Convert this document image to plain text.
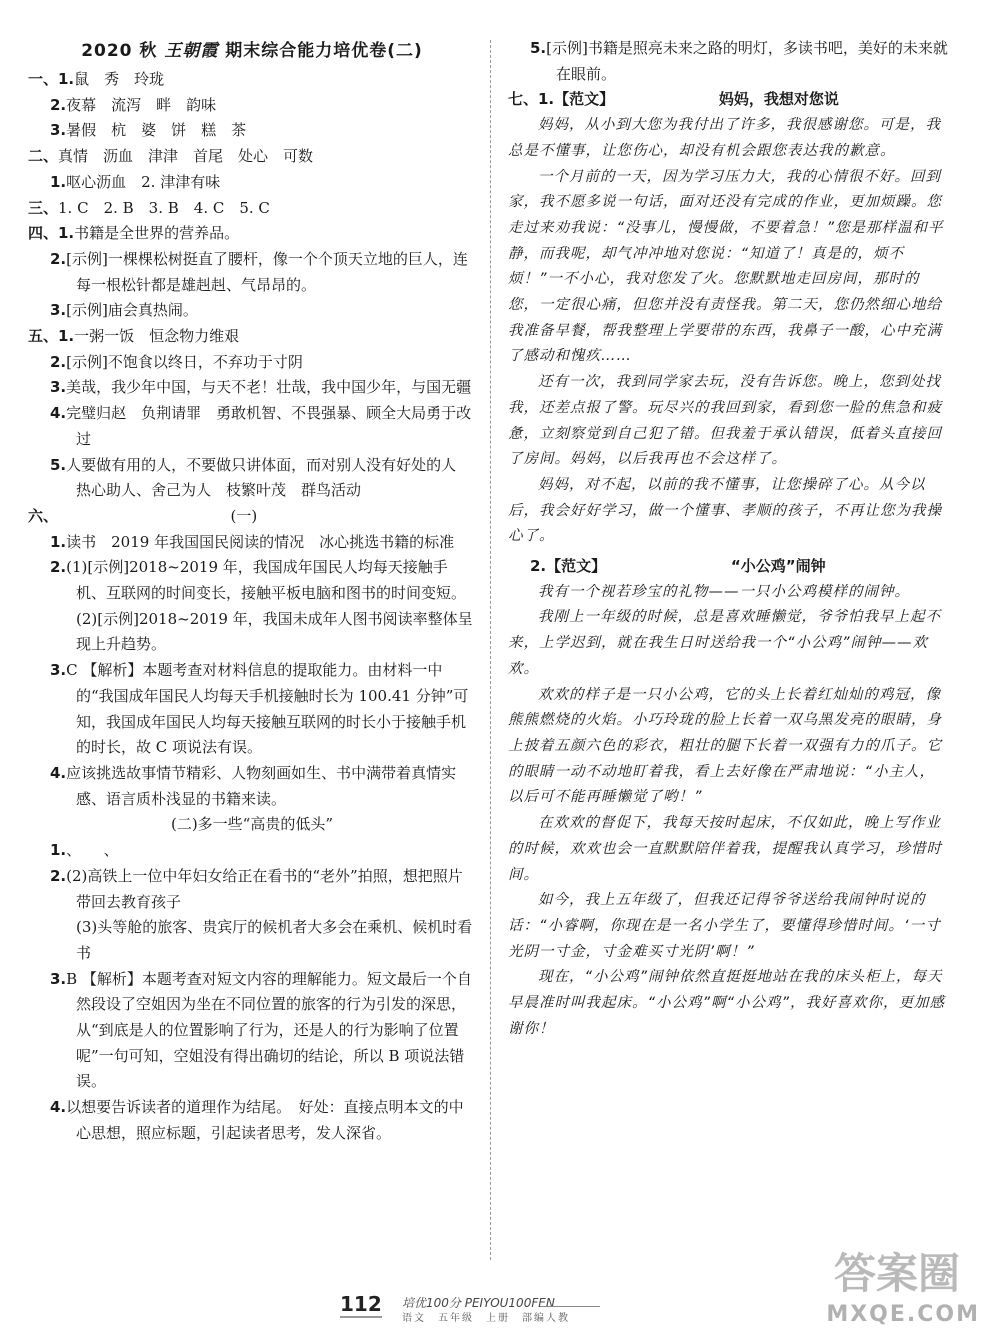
2020 秋 王朝霞 期末综合能力培优卷(二)

一、1.鼠　秀　玲珑

2.夜幕　流泻　畔　韵味

3.暑假　杭　婆　饼　糕　茶

二、真情　沥血　津津　首尾　处心　可数

1.呕心沥血　2. 津津有味

三、1. C　2. B　3. B　4. C　5. C

四、1.书籍是全世界的营养品。

2.[示例]一棵棵松树挺直了腰杆，像一个个顶天立地的巨人，连每一根松针都是雄赳赳、气昂昂的。

3.[示例]庙会真热闹。

五、1.一粥一饭　恒念物力维艰

2.[示例]不饱食以终日，不弃功于寸阴

3.美哉，我少年中国，与天不老！壮哉，我中国少年，与国无疆

4.完璧归赵　负荆请罪　勇敢机智、不畏强暴、顾全大局勇于改过

5.人要做有用的人，不要做只讲体面，而对别人没有好处的人　热心助人、舍己为人　枝繁叶茂　群鸟活动

六、　　　　　　　　　　　　(一)

1.读书　2019 年我国国民阅读的情况　冰心挑选书籍的标准

2.(1)[示例]2018~2019 年，我国成年国民人均每天接触手机、互联网的时间变长，接触平板电脑和图书的时间变短。

(2)[示例]2018~2019 年，我国未成年人图书阅读率整体呈现上升趋势。

3.C 【解析】本题考查对材料信息的提取能力。由材料一中的“我国成年国民人均每天手机接触时长为 100.41 分钟”可知，我国成年国民人均每天接触互联网的时长小于接触手机的时长，故 C 项说法有误。

4.应该挑选故事情节精彩、人物刻画如生、书中满带着真情实感、语言质朴浅显的书籍来读。

(二)多一些“高贵的低头”

1.、　　、

2.(2)高铁上一位中年妇女给正在看书的“老外”拍照，想把照片带回去教育孩子

(3)头等舱的旅客、贵宾厅的候机者大多会在乘机、候机时看书

3.B 【解析】本题考查对短文内容的理解能力。短文最后一个自然段设了空姐因为坐在不同位置的旅客的行为引发的深思，从“到底是人的位置影响了行为，还是人的行为影响了位置呢”一句可知，空姐没有得出确切的结论，所以 B 项说法错误。

4.以想要告诉读者的道理作为结尾。　好处：直接点明本文的中心思想，照应标题，引起读者思考，发人深省。

5.[示例]书籍是照亮未来之路的明灯，多读书吧，美好的未来就在眼前。

七、1.【范文】	妈妈，我想对您说

妈妈，从小到大您为我付出了许多，我很感谢您。可是，我总是不懂事，让您伤心，却没有机会跟您表达我的歉意。

一个月前的一天，因为学习压力大，我的心情很不好。回到家，我不愿多说一句话，面对还没有完成的作业，更加烦躁。您走过来劝我说：“没事儿，慢慢做，不要着急！”您是那样温和平静，而我呢，却气冲冲地对您说：“知道了！真是的，烦不烦！”一不小心，我对您发了火。您默默地走回房间，那时的您，一定很心痛，但您并没有责怪我。第二天，您仍然细心地给我准备早餐，帮我整理上学要带的东西，我鼻子一酸，心中充满了感动和愧疚……

还有一次，我到同学家去玩，没有告诉您。晚上，您到处找我，还差点报了警。玩尽兴的我回到家，看到您一脸的焦急和疲惫，立刻察觉到自己犯了错。但我羞于承认错误，低着头直接回了房间。妈妈，以后我再也不会这样了。

妈妈，对不起，以前的我不懂事，让您操碎了心。从今以后，我会好好学习，做一个懂事、孝顺的孩子，不再让您为我操心了。

2.【范文】	“小公鸡”闹钟

我有一个视若珍宝的礼物——一只小公鸡模样的闹钟。

我刚上一年级的时候，总是喜欢睡懒觉，爷爷怕我早上起不来，上学迟到，就在我生日时送给我一个“小公鸡”闹钟——欢欢。

欢欢的样子是一只小公鸡，它的头上长着红灿灿的鸡冠，像熊熊燃烧的火焰。小巧玲珑的脸上长着一双乌黑发亮的眼睛，身上披着五颜六色的彩衣，粗壮的腿下长着一双强有力的爪子。它的眼睛一动不动地盯着我，看上去好像在严肃地说：“小主人，以后可不能再睡懒觉了哟！”

在欢欢的督促下，我每天按时起床，不仅如此，晚上写作业的时候，欢欢也会一直默默陪伴着我，提醒我认真学习，珍惜时间。

如今，我上五年级了，但我还记得爷爷送给我闹钟时说的话：“小睿啊，你现在是一名小学生了，要懂得珍惜时间。‘一寸光阴一寸金，寸金难买寸光阴’啊！”

现在，“小公鸡”闹钟依然直挺挺地站在我的床头柜上，每天早晨准时叫我起床。“小公鸡”啊“小公鸡”，我好喜欢你，更加感谢你！

112 培优100分 PEIYOU100FEN
语文　五年级　上册　部编人教
答案圈
MXQE.COM
